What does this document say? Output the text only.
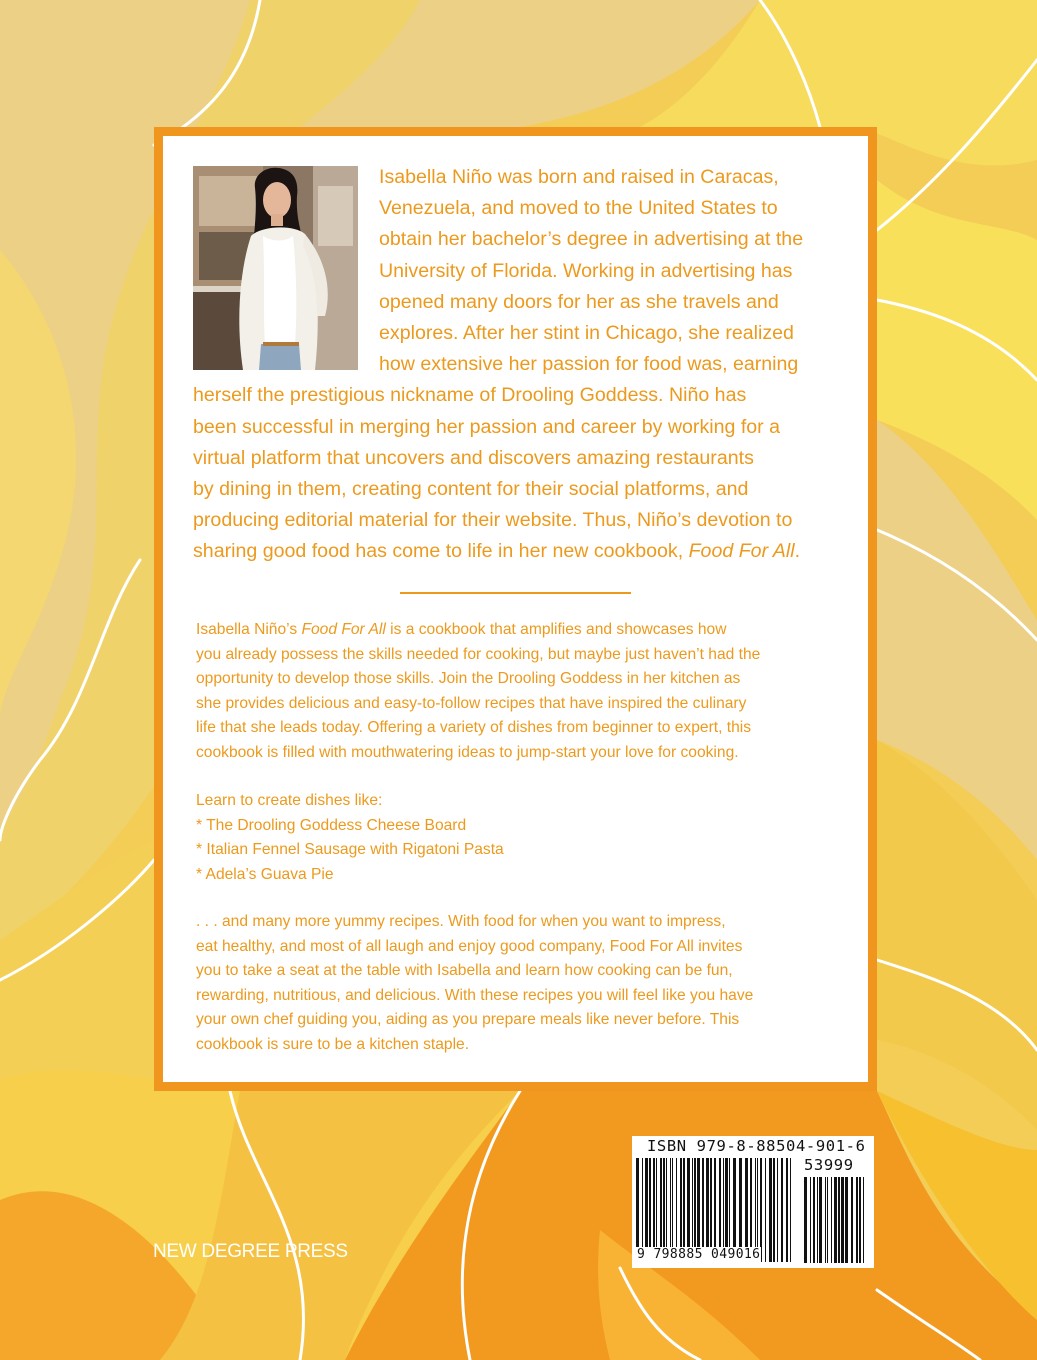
Isabella Niño was born and raised in Caracas,
Venezuela, and moved to the United States to
obtain her bachelor’s degree in advertising at the
University of Florida. Working in advertising has
opened many doors for her as she travels and
explores. After her stint in Chicago, she realized
how extensive her passion for food was, earning
herself the prestigious nickname of Drooling Goddess. Niño has
been successful in merging her passion and career by working for a
virtual platform that uncovers and discovers amazing restaurants
by dining in them, creating content for their social platforms, and
producing editorial material for their website. Thus, Niño’s devotion to
sharing good food has come to life in her new cookbook, Food For All.
Isabella Niño’s Food For All is a cookbook that amplifies and showcases how
you already possess the skills needed for cooking, but maybe just haven’t had the
opportunity to develop those skills. Join the Drooling Goddess in her kitchen as
she provides delicious and easy-to-follow recipes that have inspired the culinary
life that she leads today. Offering a variety of dishes from beginner to expert, this
cookbook is filled with mouthwatering ideas to jump-start your love for cooking.
Learn to create dishes like:
* The Drooling Goddess Cheese Board
* Italian Fennel Sausage with Rigatoni Pasta
* Adela’s Guava Pie
. . . and many more yummy recipes. With food for when you want to impress,
eat healthy, and most of all laugh and enjoy good company, Food For All invites
you to take a seat at the table with Isabella and learn how cooking can be fun,
rewarding, nutritious, and delicious. With these recipes you will feel like you have
your own chef guiding you, aiding as you prepare meals like never before. This
cookbook is sure to be a kitchen staple.
NEW DEGREE PRESS
ISBN 979-8-88504-901-6
53999
9 798885 049016
